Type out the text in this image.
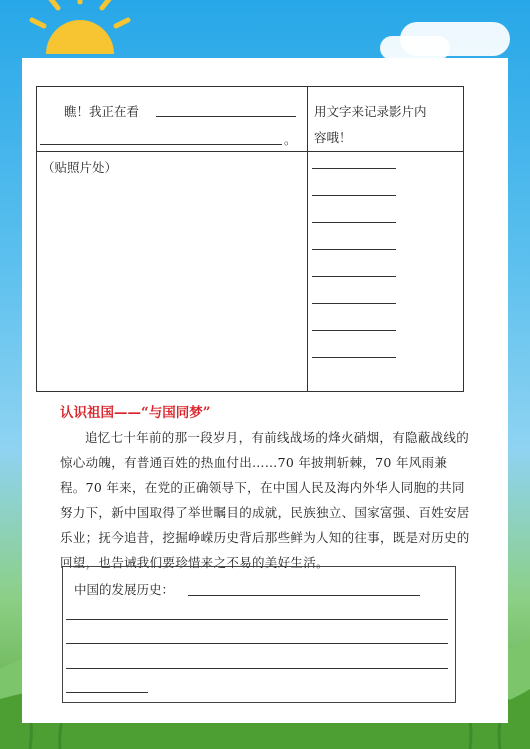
瞧！我正在看
。
用文字来记录影片内
容哦！
（贴照片处）
认识祖国——“与国同梦”

追忆七十年前的那一段岁月，有前线战场的烽火硝烟，有隐蔽战线的惊心动魄，有普通百姓的热血付出……70 年披荆斩棘，70 年风雨兼程。70 年来，在党的正确领导下，在中国人民及海内外华人同胞的共同努力下，新中国取得了举世瞩目的成就，民族独立、国家富强、百姓安居乐业；抚今追昔，挖掘峥嵘历史背后那些鲜为人知的往事，既是对历史的回望，也告诫我们要珍惜来之不易的美好生活。

中国的发展历史：
